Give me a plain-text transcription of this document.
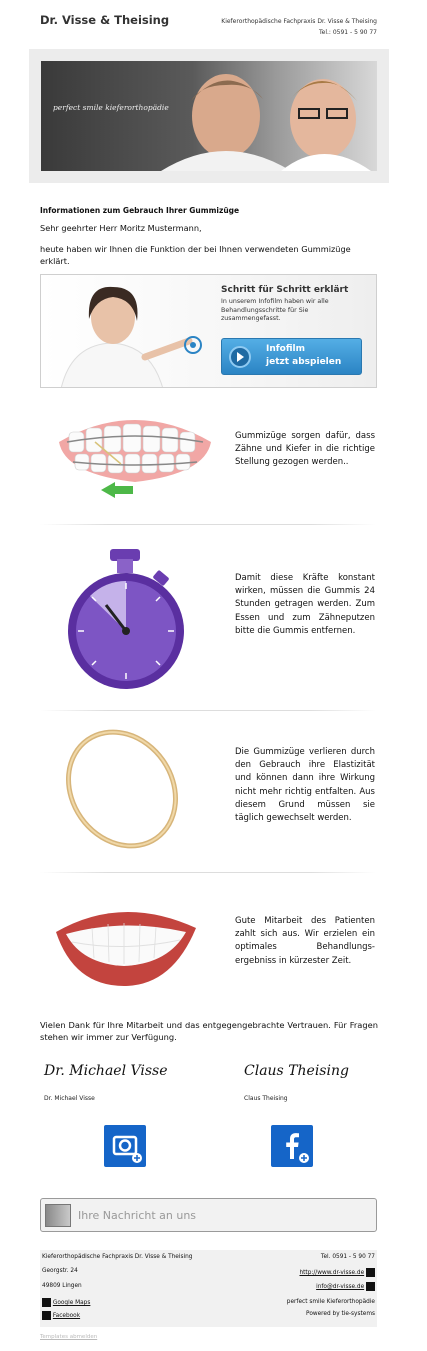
Dr. Visse & Theising	Kieferorthopädische Fachpraxis Dr. Visse & Theising
Tel.: 0591 - 5 90 77
perfect smile kieferorthopädie
Informationen zum Gebrauch Ihrer Gummizüge
Sehr geehrter Herr Moritz Mustermann,
heute haben wir Ihnen die Funktion der bei Ihnen verwendeten Gummizüge erklärt.
Schritt für Schritt erklärt
In unserem Infofilm haben wir alle Behandlungsschritte für Sie zusammengefasst.
Infofilm
jetzt abspielen
Gummizüge sorgen dafür, dass Zähne und Kiefer in die richtige Stellung gezogen werden..
Damit diese Kräfte konstant wirken, müssen die Gummis 24 Stunden getragen werden. Zum Essen und zum Zähneputzen bitte die Gummis entfernen.
Die Gummizüge verlieren durch den Gebrauch ihre Elastizität und können dann ihre Wirkung nicht mehr richtig entfalten. Aus diesem Grund müssen sie täglich gewechselt werden.
Gute Mitarbeit des Patienten zahlt sich aus. Wir erzielen ein optimales Behandlungs- ergebniss in kürzester Zeit.
Vielen Dank für Ihre Mitarbeit und das entgegengebrachte Vertrauen. Für Fragen stehen wir immer zur Verfügung.
Dr. Michael Visse
Dr. Michael Visse
Claus Theising
Claus Theising
Ihre Nachricht an uns
Kieferorthopädische Fachpraxis Dr. Visse & Theising
Georgstr. 24
49809 Lingen
Tel. 0591 - 5 90 77
http://www.dr-visse.de
info@dr-visse.de
Google Maps
Facebook
perfect smile Kieferorthopädie
Powered by tie-systems
Templates abmelden
